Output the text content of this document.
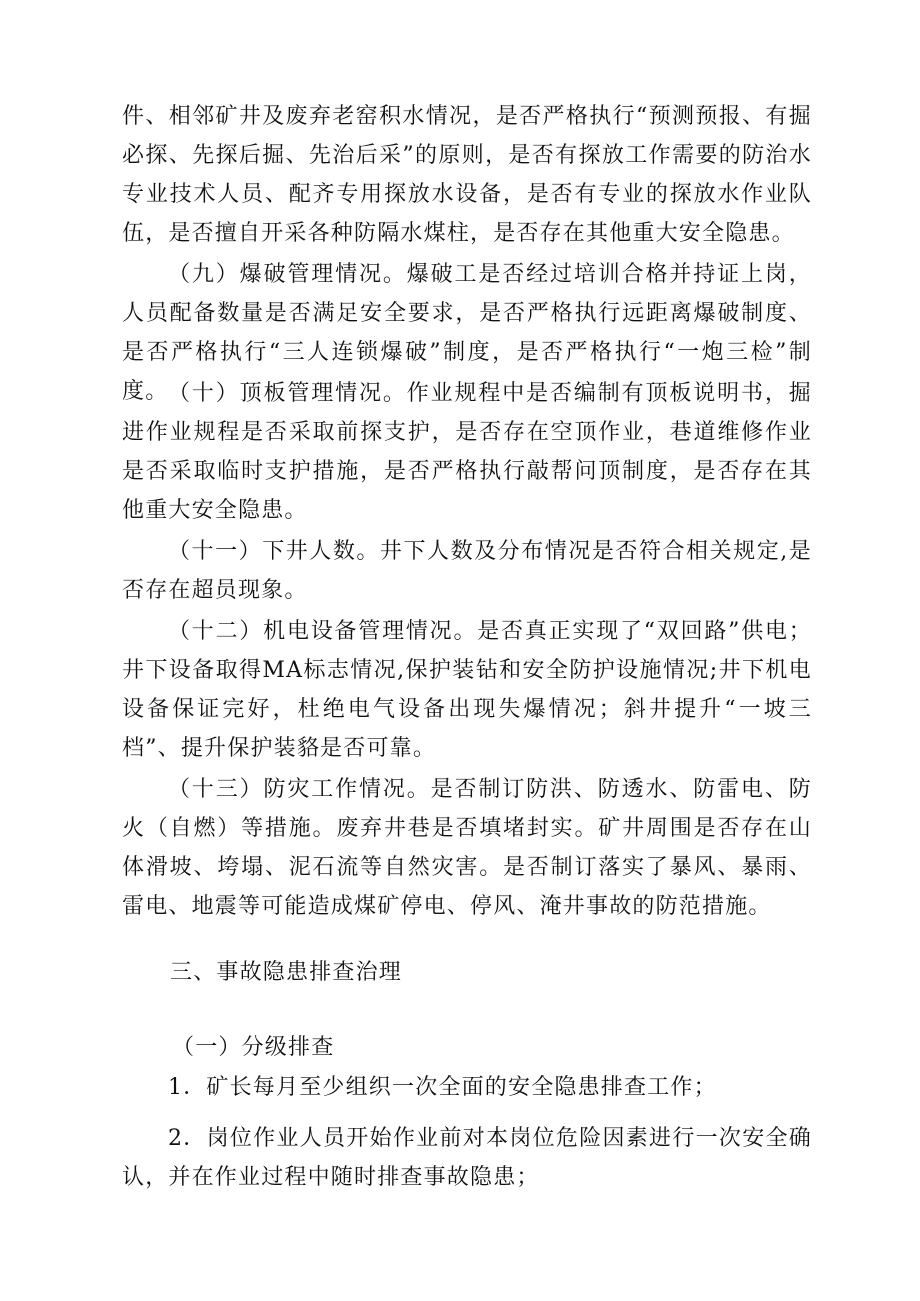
件、相邻矿井及废弃老窑积水情况，是否严格执行“预测预报、有掘必探、先探后掘、先治后采”的原则，是否有探放工作需要的防治水专业技术人员、配齐专用探放水设备，是否有专业的探放水作业队伍，是否擅自开采各种防隔水煤柱，是否存在其他重大安全隐患。

（九）爆破管理情况。爆破工是否经过培训合格并持证上岗，人员配备数量是否满足安全要求，是否严格执行远距离爆破制度、是否严格执行“三人连锁爆破”制度，是否严格执行“一炮三检”制度。 （十）顶板管理情况。作业规程中是否编制有顶板说明书，掘进作业规程是否采取前探支护，是否存在空顶作业，巷道维修作业是否采取临时支护措施，是否严格执行敲帮问顶制度，是否存在其他重大安全隐患。

（十一）下井人数。井下人数及分布情况是否符合相关规定,是否存在超员现象。

（十二）机电设备管理情况。是否真正实现了“双回路”供电；井下设备取得MA标志情况,保护装钻和安全防护设施情况;井下机电设备保证完好，杜绝电气设备出现失爆情况；斜井提升“一坡三档”、提升保护装貉是否可靠。

（十三）防灾工作情况。是否制订防洪、防透水、防雷电、防火（自燃）等措施。废弃井巷是否填堵封实。矿井周围是否存在山体滑坡、垮塌、泥石流等自然灾害。是否制订落实了暴风、暴雨、雷电、地震等可能造成煤矿停电、停风、淹井事故的防范措施。

三、事故隐患排查治理

（一）分级排查

1．矿长每月至少组织一次全面的安全隐患排查工作；

2．岗位作业人员开始作业前对本岗位危险因素进行一次安全确认，并在作业过程中随时排查事故隐患；
